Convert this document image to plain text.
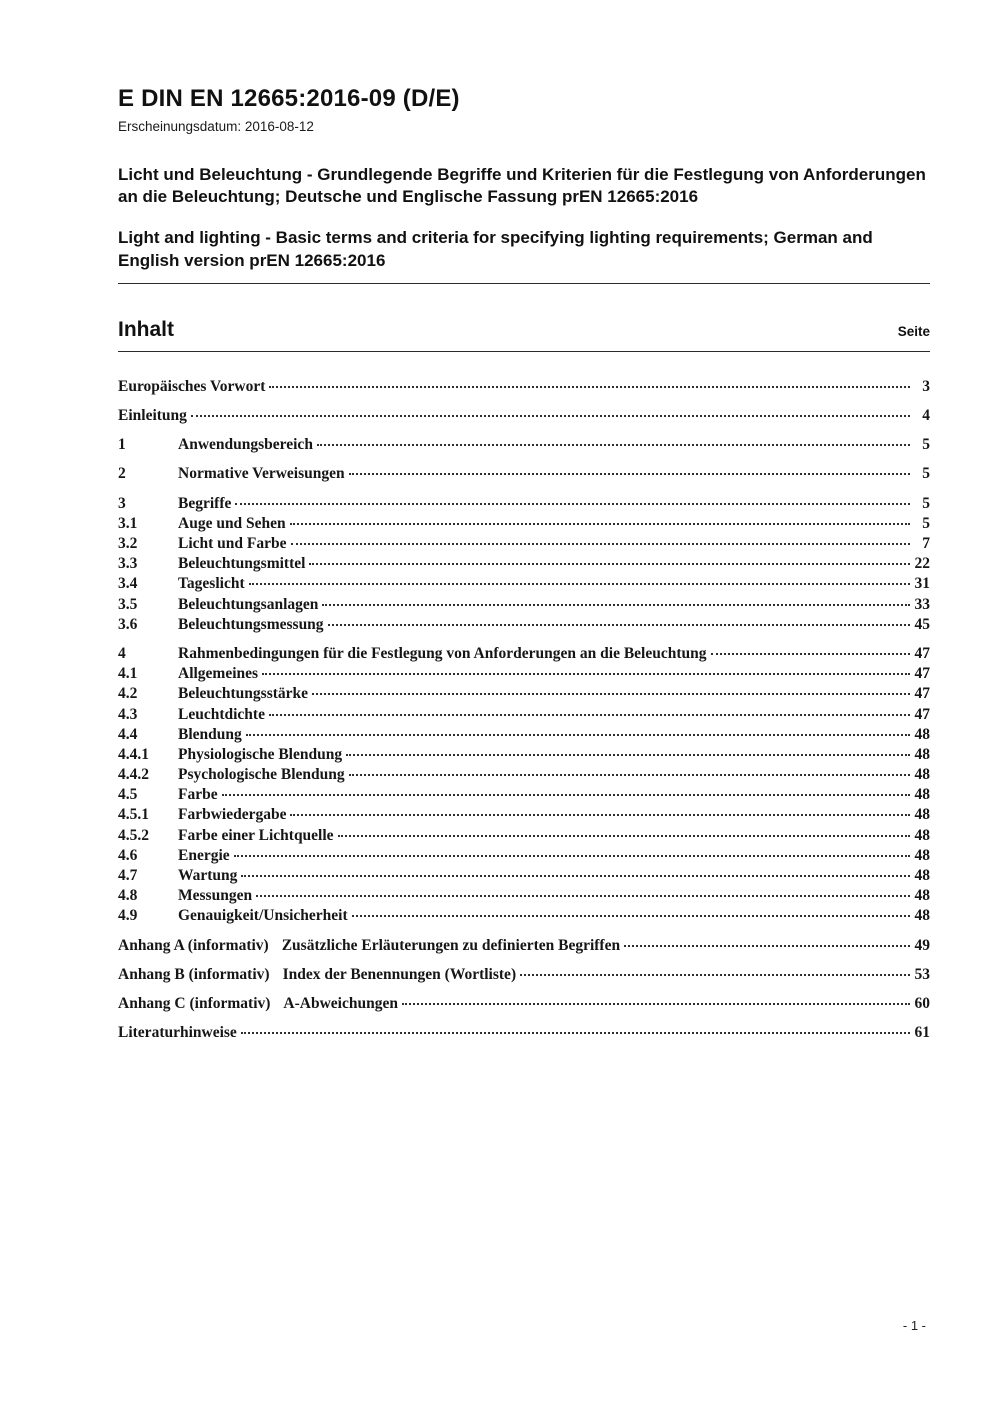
E DIN EN 12665:2016-09 (D/E)
Erscheinungsdatum: 2016-08-12

Licht und Beleuchtung - Grundlegende Begriffe und Kriterien für die Festlegung von Anforderungen an die Beleuchtung; Deutsche und Englische Fassung prEN 12665:2016

Light and lighting - Basic terms and criteria for specifying lighting requirements; German and English version prEN 12665:2016

Inhalt	Seite
Europäisches Vorwort	3
Einleitung	4
1	Anwendungsbereich	5
2	Normative Verweisungen	5
3	Begriffe	5
3.1	Auge und Sehen	5
3.2	Licht und Farbe	7
3.3	Beleuchtungsmittel	22
3.4	Tageslicht	31
3.5	Beleuchtungsanlagen	33
3.6	Beleuchtungsmessung	45
4	Rahmenbedingungen für die Festlegung von Anforderungen an die Beleuchtung	47
4.1	Allgemeines	47
4.2	Beleuchtungsstärke	47
4.3	Leuchtdichte	47
4.4	Blendung	48
4.4.1	Physiologische Blendung	48
4.4.2	Psychologische Blendung	48
4.5	Farbe	48
4.5.1	Farbwiedergabe	48
4.5.2	Farbe einer Lichtquelle	48
4.6	Energie	48
4.7	Wartung	48
4.8	Messungen	48
4.9	Genauigkeit/Unsicherheit	48
Anhang A (informativ) Zusätzliche Erläuterungen zu definierten Begriffen	49
Anhang B (informativ) Index der Benennungen (Wortliste)	53
Anhang C (informativ) A-Abweichungen	60
Literaturhinweise	61
- 1 -
